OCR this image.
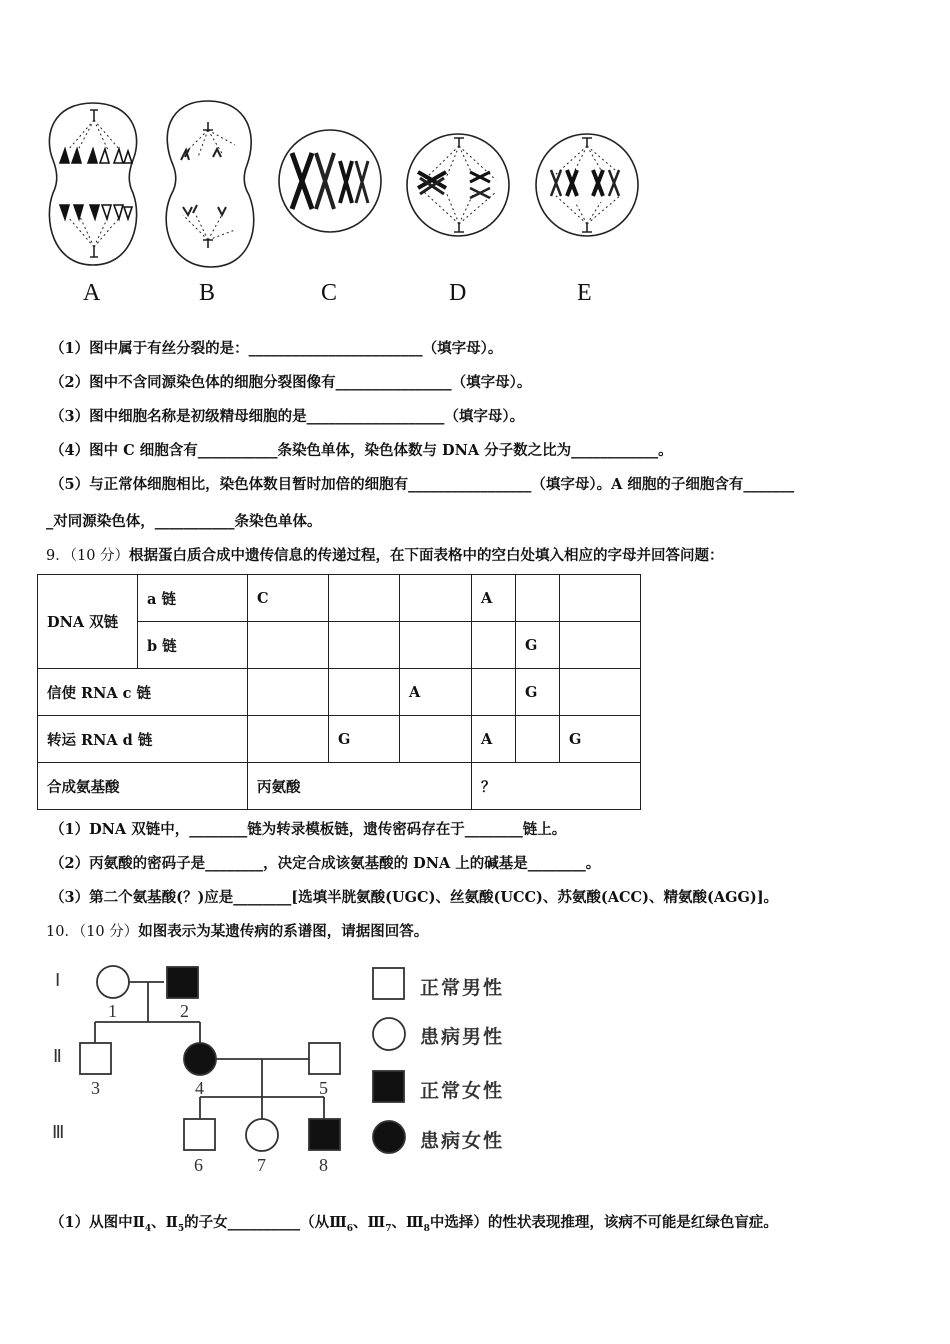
A	B	C	D	E
（1）图中属于有丝分裂的是：________________________（填字母）。
（2）图中不含同源染色体的细胞分裂图像有________________（填字母）。
（3）图中细胞名称是初级精母细胞的是___________________（填字母）。
（4）图中 C 细胞含有___________条染色单体，染色体数与 DNA 分子数之比为____________。
（5）与正常体细胞相比，染色体数目暂时加倍的细胞有_________________（填字母）。A 细胞的子细胞含有_______
_对同源染色体，___________条染色单体。
9．（10 分）根据蛋白质合成中遗传信息的传递过程，在下面表格中的空白处填入相应的字母并回答问题：
DNA 双链	a 链	C			A		
	b 链					G	
信使 RNA c 链				A		G	
转运 RNA d 链			G		A		G
合成氨基酸		丙氨酸			？		
（1）DNA 双链中，________链为转录模板链，遗传密码存在于________链上。
（2）丙氨酸的密码子是________，决定合成该氨基酸的 DNA 上的碱基是________。
（3）第二个氨基酸(？)应是________[选填半胱氨酸(UGC)、丝氨酸(UCC)、苏氨酸(ACC)、精氨酸(AGG)]。
10．（10 分）如图表示为某遗传病的系谱图，请据图回答。
Ⅰ
Ⅱ
Ⅲ
1	2
3	4	5
6	7	8
正常男性
患病男性
正常女性
患病女性
（1）从图中$Ⅱ_4$、$Ⅱ_5$的子女__________（从$Ⅲ_6$、$Ⅲ_7$、$Ⅲ_8$中选择）的性状表现推理，该病不可能是红绿色盲症。
